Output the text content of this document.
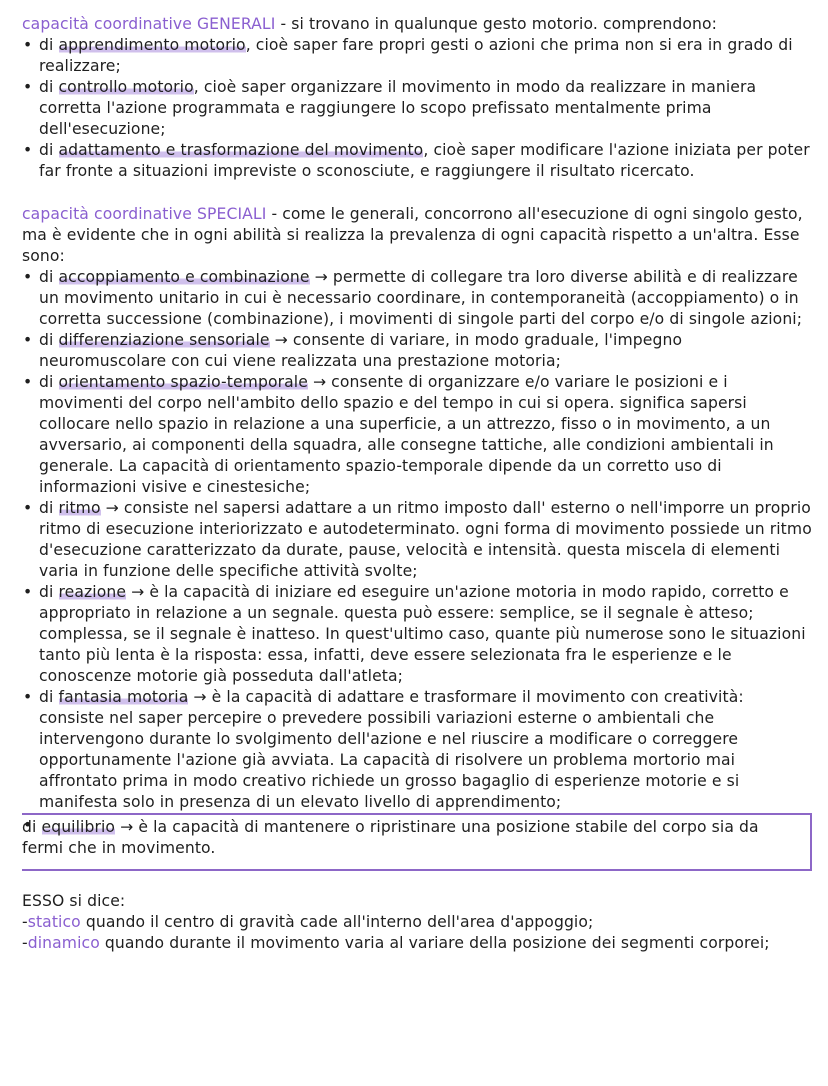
capacità coordinative GENERALI - si trovano in qualunque gesto motorio. comprendono:
• di apprendimento motorio, cioè saper fare propri gesti o azioni che prima non si era in grado di realizzare;
• di controllo motorio, cioè saper organizzare il movimento in modo da realizzare in maniera corretta l'azione programmata e raggiungere lo scopo prefissato mentalmente prima dell'esecuzione;
• di adattamento e trasformazione del movimento, cioè saper modificare l'azione iniziata per poter far fronte a situazioni impreviste o sconosciute, e raggiungere il risultato ricercato.
capacità coordinative SPECIALI - come le generali, concorrono all'esecuzione di ogni singolo gesto, ma è evidente che in ogni abilità si realizza la prevalenza di ogni capacità rispetto a un'altra. Esse sono:
• di accoppiamento e combinazione → permette di collegare tra loro diverse abilità e di realizzare un movimento unitario in cui è necessario coordinare, in contemporaneità (accoppiamento) o in corretta successione (combinazione), i movimenti di singole parti del corpo e/o di singole azioni;
• di differenziazione sensoriale → consente di variare, in modo graduale, l'impegno neuromuscolare con cui viene realizzata una prestazione motoria;
• di orientamento spazio-temporale → consente di organizzare e/o variare le posizioni e i movimenti del corpo nell'ambito dello spazio e del tempo in cui si opera. significa sapersi collocare nello spazio in relazione a una superficie, a un attrezzo, fisso o in movimento, a un avversario, ai componenti della squadra, alle consegne tattiche, alle condizioni ambientali in generale. La capacità di orientamento spazio-temporale dipende da un corretto uso di informazioni visive e cinestesiche;
• di ritmo → consiste nel sapersi adattare a un ritmo imposto dall' esterno o nell'imporre un proprio ritmo di esecuzione interiorizzato e autodeterminato. ogni forma di movimento possiede un ritmo d'esecuzione caratterizzato da durate, pause, velocità e intensità. questa miscela di elementi varia in funzione delle specifiche attività svolte;
• di reazione → è la capacità di iniziare ed eseguire un'azione motoria in modo rapido, corretto e appropriato in relazione a un segnale. questa può essere: semplice, se il segnale è atteso; complessa, se il segnale è inatteso. In quest'ultimo caso, quante più numerose sono le situazioni tanto più lenta è la risposta: essa, infatti, deve essere selezionata fra le esperienze e le conoscenze motorie già posseduta dall'atleta;
• di fantasia motoria → è la capacità di adattare e trasformare il movimento con creatività: consiste nel saper percepire o prevedere possibili variazioni esterne o ambientali che intervengono durante lo svolgimento dell'azione e nel riuscire a modificare o correggere opportunamente l'azione già avviata. La capacità di risolvere un problema mortorio mai affrontato prima in modo creativo richiede un grosso bagaglio di esperienze motorie e si manifesta solo in presenza di un elevato livello di apprendimento;
• di equilibrio → è la capacità di mantenere o ripristinare una posizione stabile del corpo sia da fermi che in movimento.
ESSO si dice:
-statico quando il centro di gravità cade all'interno dell'area d'appoggio;
-dinamico quando durante il movimento varia al variare della posizione dei segmenti corporei;
